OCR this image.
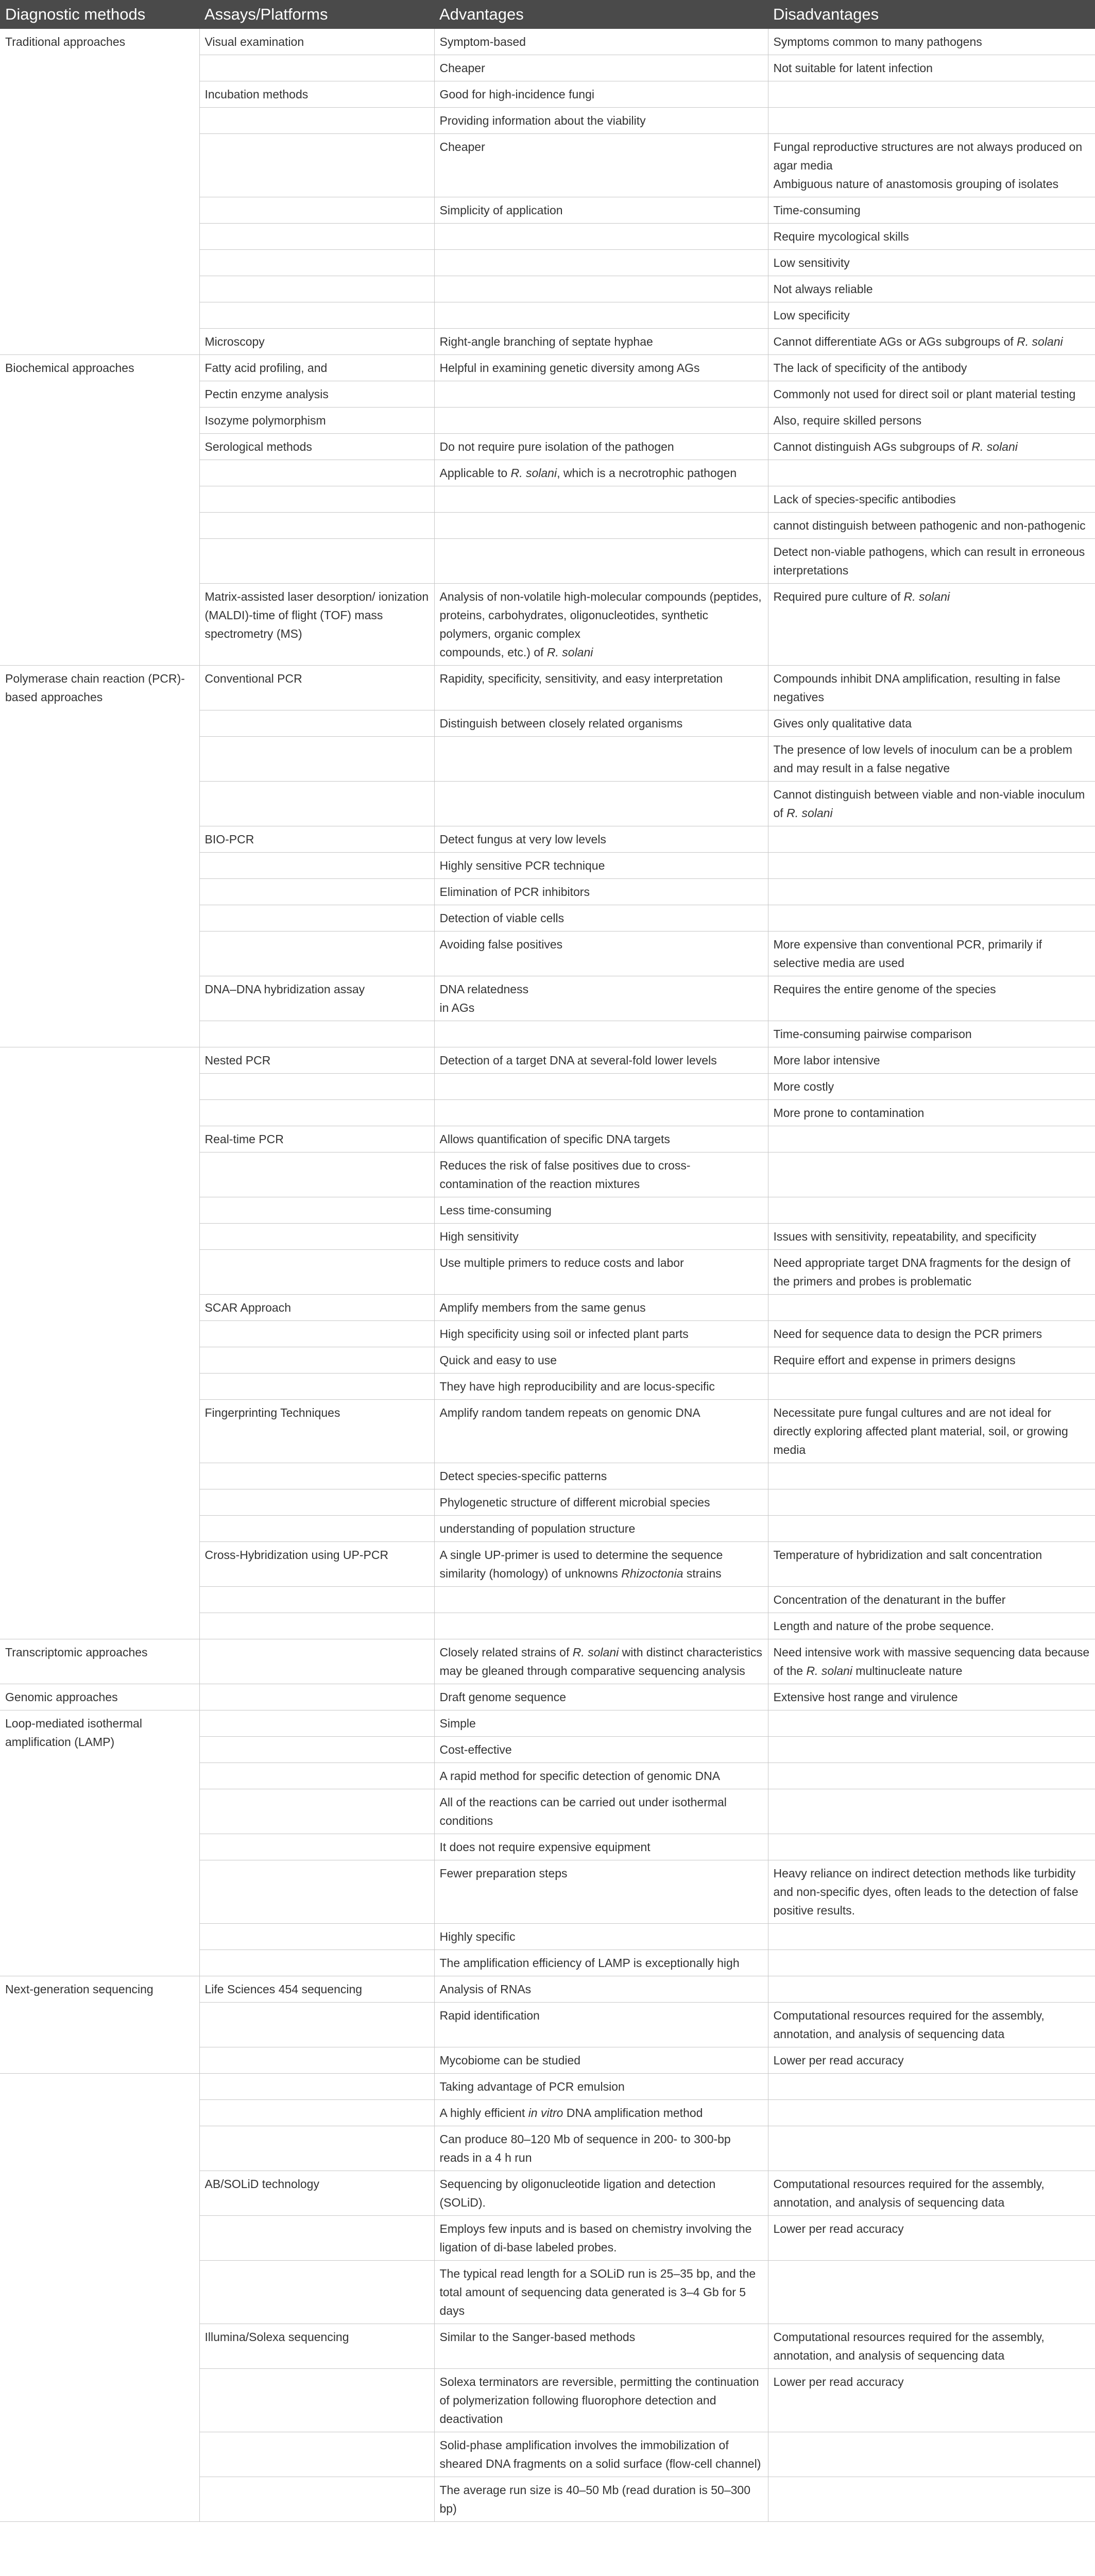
Diagnostic methods	Assays/Platforms	Advantages	Disadvantages
Traditional approaches	Visual examination	Symptom-based	Symptoms common to many pathogens
		Cheaper	Not suitable for latent infection
	Incubation methods	Good for high-incidence fungi	
		Providing information about the viability	
		Cheaper	Fungal reproductive structures are not always produced on agar media
Ambiguous nature of anastomosis grouping of isolates
		Simplicity of application	Time-consuming
			Require mycological skills
			Low sensitivity
			Not always reliable
			Low specificity
	Microscopy	Right-angle branching of septate hyphae	Cannot differentiate AGs or AGs subgroups of R. solani
Biochemical approaches	Fatty acid profiling, and	Helpful in examining genetic diversity among AGs	The lack of specificity of the antibody
	Pectin enzyme analysis		Commonly not used for direct soil or plant material testing
	Isozyme polymorphism		Also, require skilled persons
	Serological methods	Do not require pure isolation of the pathogen	Cannot distinguish AGs subgroups of R. solani
		Applicable to R. solani, which is a necrotrophic pathogen	
			Lack of species-specific antibodies
			cannot distinguish between pathogenic and non-pathogenic
			Detect non-viable pathogens, which can result in erroneous interpretations
	Matrix-assisted laser desorption/ ionization (MALDI)-time of flight (TOF) mass spectrometry (MS)	Analysis of non-volatile high-molecular compounds (peptides, proteins, carbohydrates, oligonucleotides, synthetic polymers, organic complex
compounds, etc.) of R. solani	Required pure culture of R. solani
Polymerase chain reaction (PCR)-based approaches	Conventional PCR	Rapidity, specificity, sensitivity, and easy interpretation	Compounds inhibit DNA amplification, resulting in false negatives
		Distinguish between closely related organisms	Gives only qualitative data
			The presence of low levels of inoculum can be a problem and may result in a false negative
			Cannot distinguish between viable and non-viable inoculum of R. solani
	BIO-PCR	Detect fungus at very low levels	
		Highly sensitive PCR technique	
		Elimination of PCR inhibitors	
		Detection of viable cells	
		Avoiding false positives	More expensive than conventional PCR, primarily if selective media are used
	DNA–DNA hybridization assay	DNA relatedness
in AGs	Requires the entire genome of the species
			Time-consuming pairwise comparison
	Nested PCR	Detection of a target DNA at several-fold lower levels	More labor intensive
			More costly
			More prone to contamination
	Real-time PCR	Allows quantification of specific DNA targets	
		Reduces the risk of false positives due to cross-contamination of the reaction mixtures	
		Less time-consuming	
		High sensitivity	Issues with sensitivity, repeatability, and specificity
		Use multiple primers to reduce costs and labor	Need appropriate target DNA fragments for the design of the primers and probes is problematic
	SCAR Approach	Amplify members from the same genus	
		High specificity using soil or infected plant parts	Need for sequence data to design the PCR primers
		Quick and easy to use	Require effort and expense in primers designs
		They have high reproducibility and are locus-specific	
	Fingerprinting Techniques	Amplify random tandem repeats on genomic DNA	Necessitate pure fungal cultures and are not ideal for directly exploring affected plant material, soil, or growing media
		Detect species-specific patterns	
		Phylogenetic structure of different microbial species	
		understanding of population structure	
	Cross-Hybridization using UP-PCR	A single UP-primer is used to determine the sequence similarity (homology) of unknowns Rhizoctonia strains	Temperature of hybridization and salt concentration
			Concentration of the denaturant in the buffer
			Length and nature of the probe sequence.
Transcriptomic approaches		Closely related strains of R. solani with distinct characteristics may be gleaned through comparative sequencing analysis	Need intensive work with massive sequencing data because of the R. solani multinucleate nature
Genomic approaches		Draft genome sequence	Extensive host range and virulence
Loop-mediated isothermal amplification (LAMP)		Simple	
		Cost-effective	
		A rapid method for specific detection of genomic DNA	
		All of the reactions can be carried out under isothermal conditions	
		It does not require expensive equipment	
		Fewer preparation steps	Heavy reliance on indirect detection methods like turbidity and non-specific dyes, often leads to the detection of false positive results.
		Highly specific	
		The amplification efficiency of LAMP is exceptionally high	
Next-generation sequencing	Life Sciences 454 sequencing	Analysis of RNAs	
		Rapid identification	Computational resources required for the assembly, annotation, and analysis of sequencing data
		Mycobiome can be studied	Lower per read accuracy
		Taking advantage of PCR emulsion	
		A highly efficient in vitro DNA amplification method	
		Can produce 80–120 Mb of sequence in 200- to 300-bp reads in a 4 h run	
	AB/SOLiD technology	Sequencing by oligonucleotide ligation and detection (SOLiD).	Computational resources required for the assembly, annotation, and analysis of sequencing data
		Employs few inputs and is based on chemistry involving the ligation of di-base labeled probes.	Lower per read accuracy
		The typical read length for a SOLiD run is 25–35 bp, and the total amount of sequencing data generated is 3–4 Gb for 5 days	
	Illumina/Solexa sequencing	Similar to the Sanger-based methods	Computational resources required for the assembly, annotation, and analysis of sequencing data
		Solexa terminators are reversible, permitting the continuation of polymerization following fluorophore detection and deactivation	Lower per read accuracy
		Solid-phase amplification involves the immobilization of sheared DNA fragments on a solid surface (flow-cell channel)	
		The average run size is 40–50 Mb (read duration is 50–300 bp)	
